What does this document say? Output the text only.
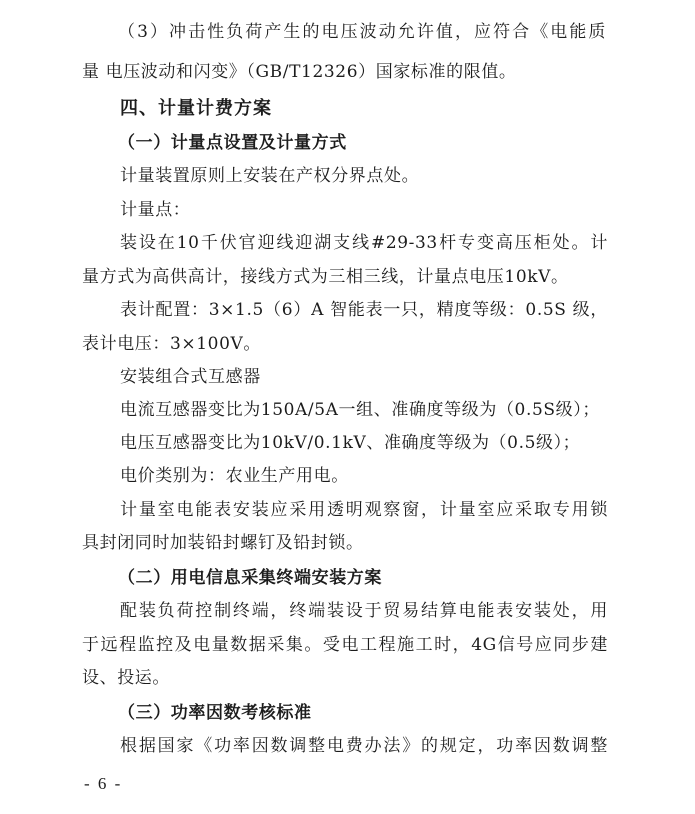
（3）冲击性负荷产生的电压波动允许值，应符合《电能质
量 电压波动和闪变》（GB/T12326）国家标准的限值。
四、计量计费方案
（一）计量点设置及计量方式
计量装置原则上安装在产权分界点处。
计量点：
装设在10千伏官迎线迎湖支线#29-33杆专变高压柜处。计
量方式为高供高计，接线方式为三相三线，计量点电压10kV。
表计配置：3×1.5（6）A 智能表一只，精度等级：0.5S 级，
表计电压：3×100V。
安装组合式互感器
电流互感器变比为150A/5A一组、准确度等级为（0.5S级）；
电压互感器变比为10kV/0.1kV、准确度等级为（0.5级）；
电价类别为：农业生产用电。
计量室电能表安装应采用透明观察窗，计量室应采取专用锁
具封闭同时加装铅封螺钉及铅封锁。
（二）用电信息采集终端安装方案
配装负荷控制终端，终端装设于贸易结算电能表安装处，用
于远程监控及电量数据采集。受电工程施工时，4G信号应同步建
设、投运。
（三）功率因数考核标准
根据国家《功率因数调整电费办法》的规定，功率因数调整
- 6 -
